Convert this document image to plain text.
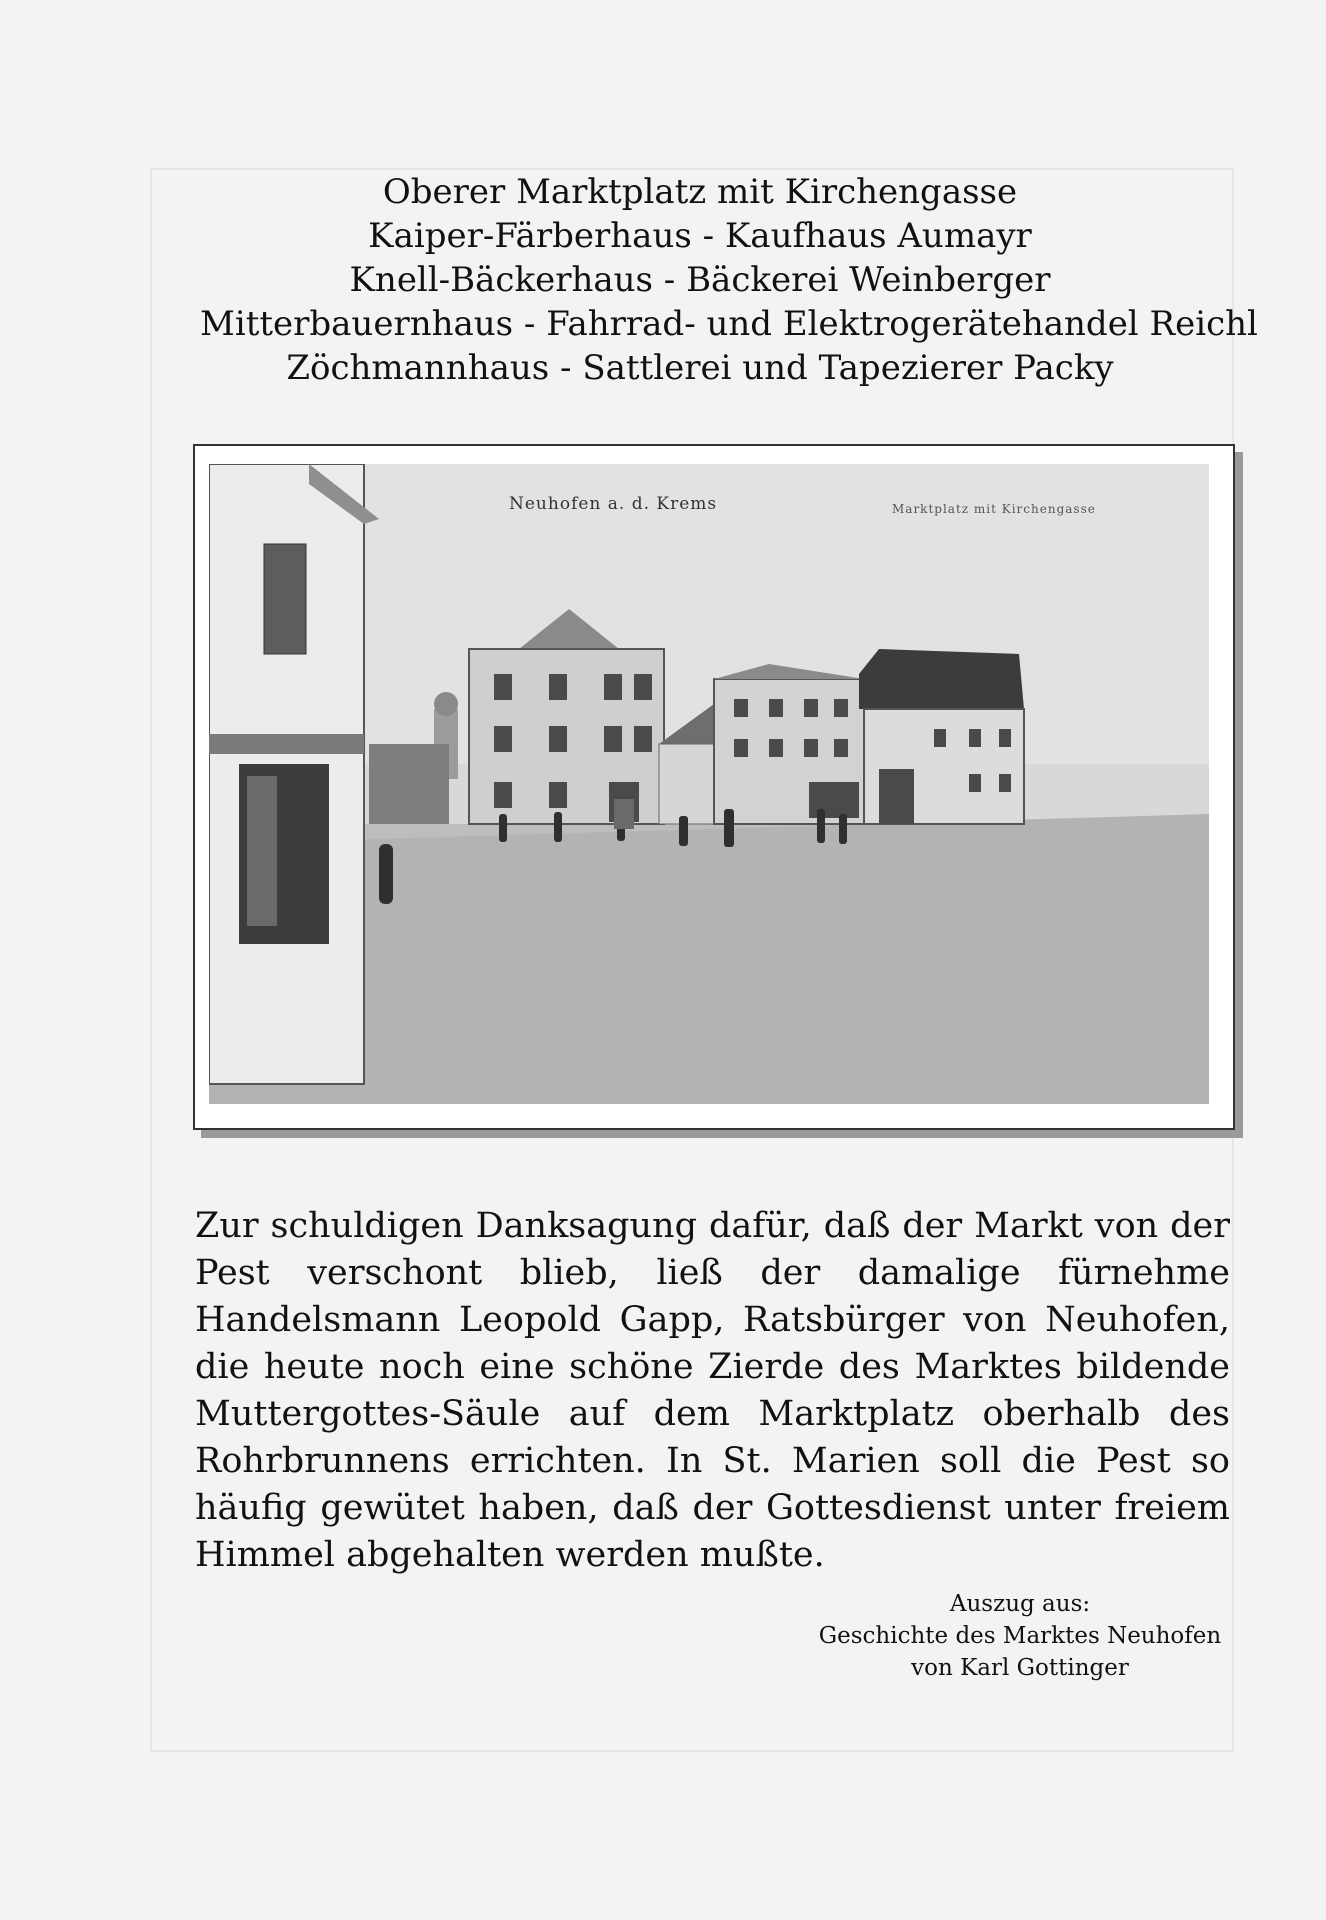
Oberer Marktplatz mit Kirchengasse
Kaiper-Färberhaus - Kaufhaus Aumayr
Knell-Bäckerhaus - Bäckerei Weinberger
Mitterbauernhaus - Fahrrad- und Elektrogerätehandel Reichl
Zöchmannhaus - Sattlerei und Tapezierer Packy
Neuhofen a. d. Krems	Marktplatz mit Kirchengasse
Zur schuldigen Danksagung dafür, daß der Markt von der Pest verschont blieb, ließ der damalige fürnehme Handelsmann Leopold Gapp, Ratsbürger von Neuhofen, die heute noch eine schöne Zierde des Marktes bildende Muttergottes-Säule auf dem Marktplatz oberhalb des Rohrbrunnens errichten. In St. Marien soll die Pest so häufig gewütet haben, daß der Gottesdienst unter freiem Himmel abgehalten werden mußte.
Auszug aus:
Geschichte des Marktes Neuhofen
von Karl Gottinger
